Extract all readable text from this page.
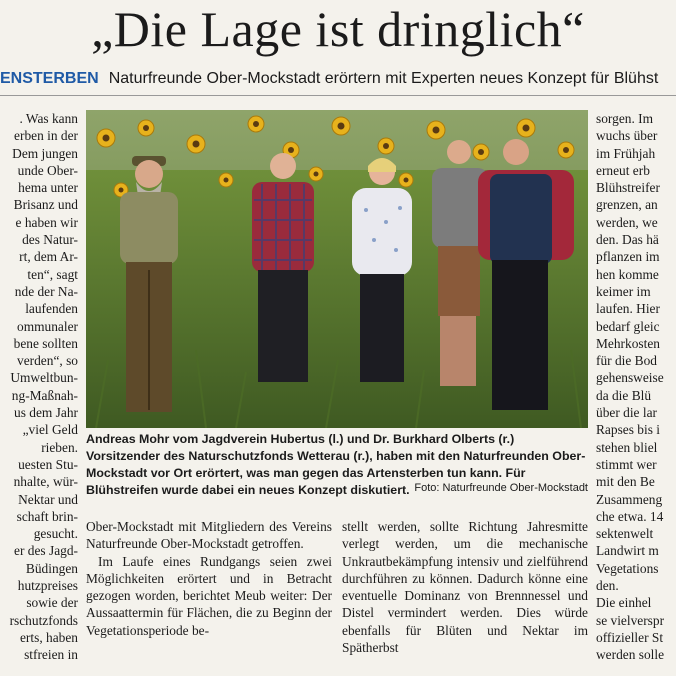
„Die Lage ist dringlich“
ENSTERBEN Naturfreunde Ober-Mockstadt erörtern mit Experten neues Konzept für Blühst
. Was kann
erben in der
Dem jungen
unde Ober-
hema unter
Brisanz und
e haben wir
des Natur-
rt, dem Ar-
ten“, sagt
nde der Na-
laufenden
ommunaler
bene sollten
verden“, so
Umweltbun-
ng-Maßnah-
us dem Jahr
„viel Geld
rieben.
uesten Stu-
nhalte, wür-
Nektar und
schaft brin-
gesucht.
er des Jagd-
Büdingen
hutzpreises
sowie der
rschutzfonds
erts, haben
stfreien in
Andreas Mohr vom Jagdverein Hubertus (l.) und Dr. Burkhard Olberts (r.) Vorsitzender des Naturschutzfonds Wetterau (r.), haben mit den Naturfreunden Ober-Mockstadt vor Ort erörtert, was man gegen das Artensterben tun kann. Für Blühstreifen wurde dabei ein neues Konzept diskutiert. Foto: Naturfreunde Ober-Mockstadt

Ober-Mockstadt mit Mitgliedern des Vereins Naturfreunde Ober-Mockstadt getroffen.

Im Laufe eines Rundgangs seien zwei Möglichkeiten erörtert und in Betracht gezogen worden, berichtet Meub weiter: Der Aussaattermin für Flächen, die zu Beginn der Vegetationsperiode be-

stellt werden, sollte Richtung Jahresmitte verlegt werden, um die mechanische Unkrautbekämpfung intensiv und zielführend durchführen zu können. Dadurch könne eine eventuelle Dominanz von Brennnessel und Distel vermindert werden. Dies würde ebenfalls für Blüten und Nektar im Spätherbst

sorgen. Im
wuchs über
im Frühjah
erneut erb
Blühstreifer
grenzen, an
werden, we
den. Das hä
pflanzen im
hen komme
keimer im
laufen. Hier
bedarf gleic
Mehrkosten
für die Bod
gehensweise
da die Blü
über die lar
Rapses bis i
stehen bliel
stimmt wer
mit den Be
Zusammeng
che etwa. 14
sektenwelt
Landwirt m
Vegetations
den.
Die einhel
se vielverspr
offizieller St
werden solle
